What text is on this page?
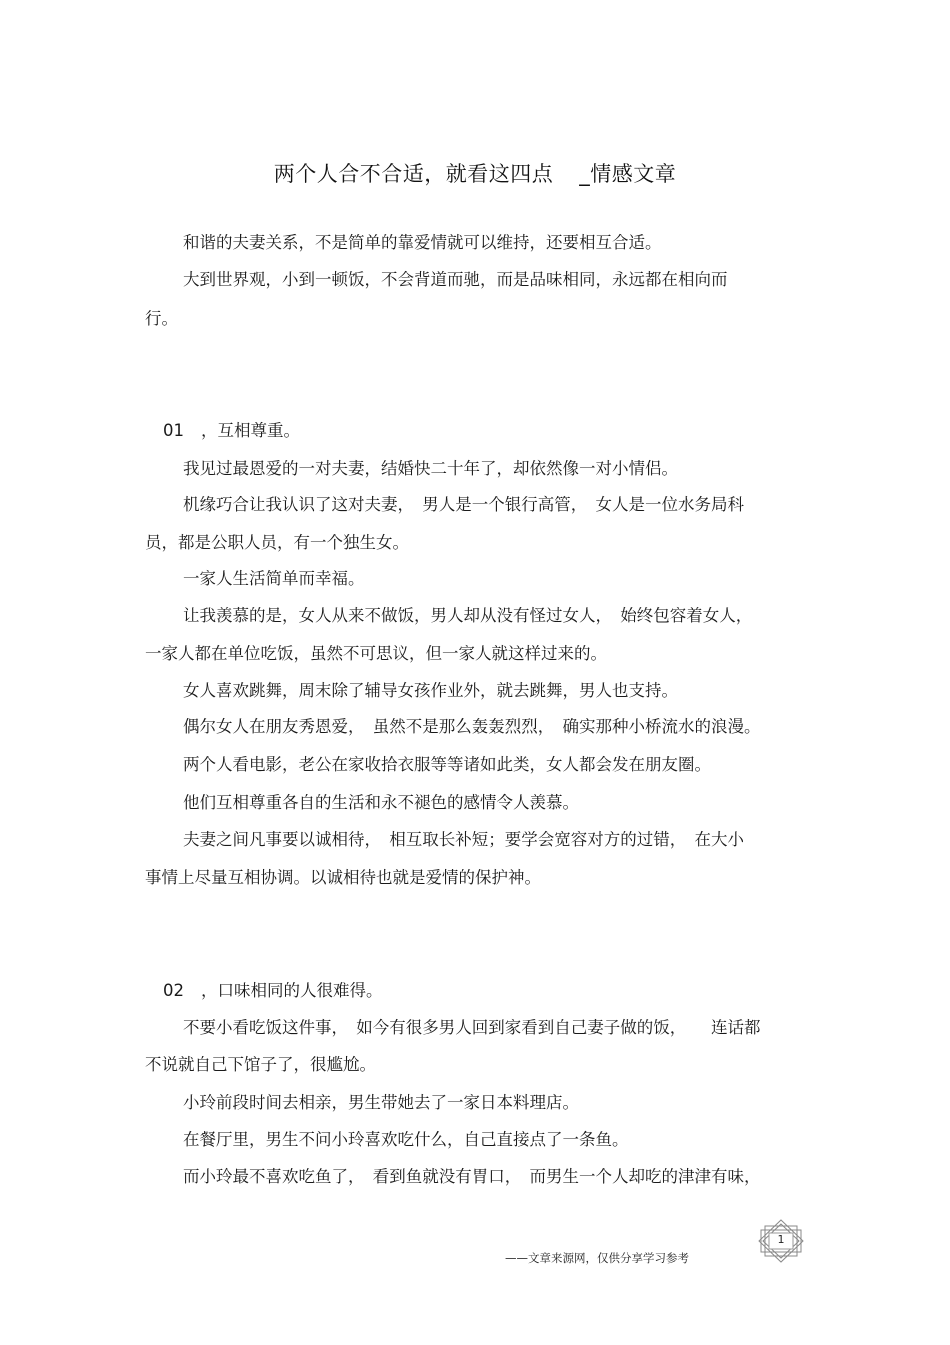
两个人合不合适，就看这四点 _情感文章
和谐的夫妻关系，不是简单的靠爱情就可以维持，还要相互合适。
大到世界观，小到一顿饭，不会背道而驰，而是品味相同，永远都在相向而
行。
01 ，互相尊重。
我见过最恩爱的一对夫妻，结婚快二十年了，却依然像一对小情侣。
机缘巧合让我认识了这对夫妻，　男人是一个银行高管，　女人是一位水务局科
员，都是公职人员，有一个独生女。
一家人生活简单而幸福。
让我羡慕的是，女人从来不做饭，男人却从没有怪过女人，　始终包容着女人，
一家人都在单位吃饭，虽然不可思议，但一家人就这样过来的。
女人喜欢跳舞，周末除了辅导女孩作业外，就去跳舞，男人也支持。
偶尔女人在朋友秀恩爱，　虽然不是那么轰轰烈烈，　确实那种小桥流水的浪漫。
两个人看电影，老公在家收拾衣服等等诸如此类，女人都会发在朋友圈。
他们互相尊重各自的生活和永不褪色的感情令人羡慕。
夫妻之间凡事要以诚相待，　相互取长补短；要学会宽容对方的过错，　在大小
事情上尽量互相协调。以诚相待也就是爱情的保护神。
02 ，口味相同的人很难得。
不要小看吃饭这件事，　如今有很多男人回到家看到自己妻子做的饭，　　连话都
不说就自己下馆子了，很尴尬。
小玲前段时间去相亲，男生带她去了一家日本料理店。
在餐厅里，男生不问小玲喜欢吃什么，自己直接点了一条鱼。
而小玲最不喜欢吃鱼了，　看到鱼就没有胃口，　而男生一个人却吃的津津有味，
——文章来源网，仅供分享学习参考
1
